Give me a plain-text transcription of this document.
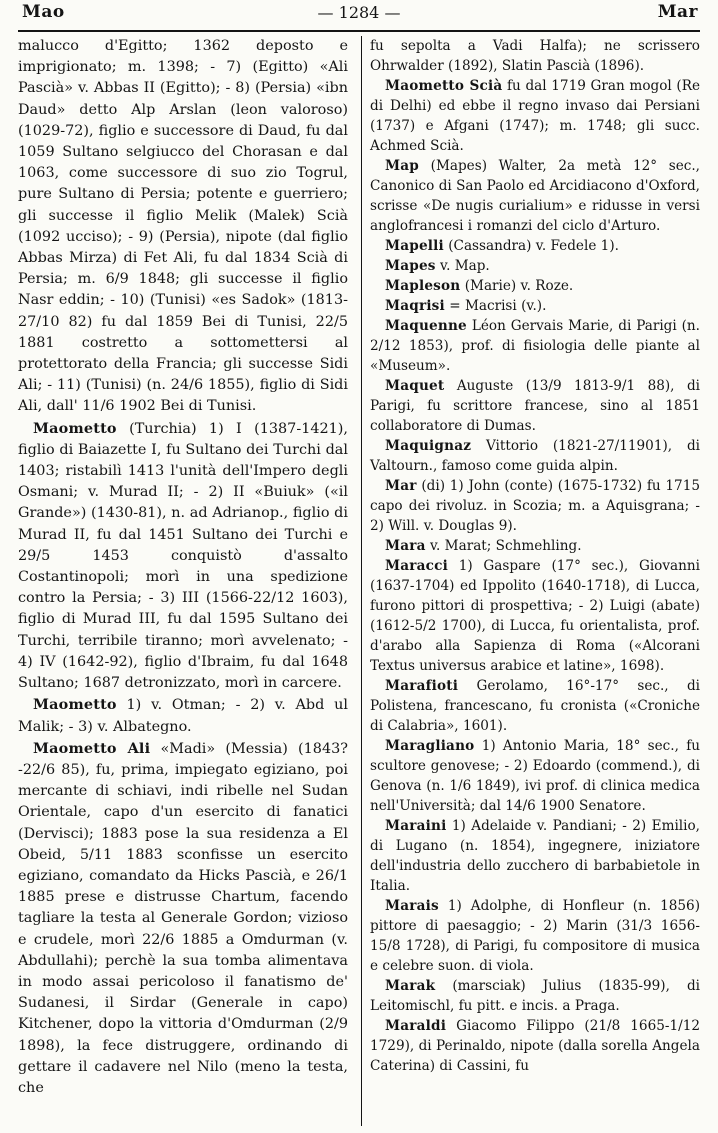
Mao	— 1284 —	Mar

malucco d'Egitto; 1362 deposto e imprigionato; m. 1398; - 7) (Egitto) «Ali Pascià» v. Abbas II (Egitto); - 8) (Persia) «ibn Daud» detto Alp Arslan (leon valoroso) (1029-72), figlio e successore di Daud, fu dal 1059 Sultano selgiucco del Chorasan e dal 1063, come successore di suo zio Togrul, pure Sultano di Persia; potente e guerriero; gli successe il figlio Melik (Malek) Scià (1092 ucciso); - 9) (Persia), nipote (dal figlio Abbas Mirza) di Fet Ali, fu dal 1834 Scià di Persia; m. 6/9 1848; gli successe il figlio Nasr eddin; - 10) (Tunisi) «es Sadok» (1813-27/10 82) fu dal 1859 Bei di Tunisi, 22/5 1881 costretto a sottomettersi al protettorato della Francia; gli successe Sidi Ali; - 11) (Tunisi) (n. 24/6 1855), figlio di Sidi Ali, dall' 11/6 1902 Bei di Tunisi.

Maometto (Turchia) 1) I (1387-1421), figlio di Baiazette I, fu Sultano dei Turchi dal 1403; ristabilì 1413 l'unità dell'Impero degli Osmani; v. Murad II; - 2) II «Buiuk» («il Grande») (1430-81), n. ad Adrianop., figlio di Murad II, fu dal 1451 Sultano dei Turchi e 29/5 1453 conquistò d'assalto Costantinopoli; morì in una spedizione contro la Persia; - 3) III (1566-22/12 1603), figlio di Murad III, fu dal 1595 Sultano dei Turchi, terribile tiranno; morì avvelenato; - 4) IV (1642-92), figlio d'Ibraim, fu dal 1648 Sultano; 1687 detronizzato, morì in carcere.

Maometto 1) v. Otman; - 2) v. Abd ul Malik; - 3) v. Albategno.

Maometto Ali «Madi» (Messia) (1843?-22/6 85), fu, prima, impiegato egiziano, poi mercante di schiavi, indi ribelle nel Sudan Orientale, capo d'un esercito di fanatici (Dervisci); 1883 pose la sua residenza a El Obeid, 5/11 1883 sconfisse un esercito egiziano, comandato da Hicks Pascià, e 26/1 1885 prese e distrusse Chartum, facendo tagliare la testa al Generale Gordon; vizioso e crudele, morì 22/6 1885 a Omdurman (v. Abdullahi); perchè la sua tomba alimentava in modo assai pericoloso il fanatismo de' Sudanesi, il Sirdar (Generale in capo) Kitchener, dopo la vittoria d'Omdurman (2/9 1898), la fece distruggere, ordinando di gettare il cadavere nel Nilo (meno la testa, che

fu sepolta a Vadi Halfa); ne scrissero Ohrwalder (1892), Slatin Pascià (1896).

Maometto Scià fu dal 1719 Gran mogol (Re di Delhi) ed ebbe il regno invaso dai Persiani (1737) e Afgani (1747); m. 1748; gli succ. Achmed Scià.

Map (Mapes) Walter, 2a metà 12° sec., Canonico di San Paolo ed Arcidiacono d'Oxford, scrisse «De nugis curialium» e ridusse in versi anglofrancesi i romanzi del ciclo d'Arturo.

Mapelli (Cassandra) v. Fedele 1).

Mapes v. Map.

Mapleson (Marie) v. Roze.

Maqrisi = Macrisi (v.).

Maquenne Léon Gervais Marie, di Parigi (n. 2/12 1853), prof. di fisiologia delle piante al «Museum».

Maquet Auguste (13/9 1813-9/1 88), di Parigi, fu scrittore francese, sino al 1851 collaboratore di Dumas.

Maquignaz Vittorio (1821-27/11901), di Valtourn., famoso come guida alpin.

Mar (di) 1) John (conte) (1675-1732) fu 1715 capo dei rivoluz. in Scozia; m. a Aquisgrana; - 2) Will. v. Douglas 9).

Mara v. Marat; Schmehling.

Maracci 1) Gaspare (17° sec.), Giovanni (1637-1704) ed Ippolito (1640-1718), di Lucca, furono pittori di prospettiva; - 2) Luigi (abate) (1612-5/2 1700), di Lucca, fu orientalista, prof. d'arabo alla Sapienza di Roma («Alcorani Textus universus arabice et latine», 1698).

Marafioti Gerolamo, 16°-17° sec., di Polistena, francescano, fu cronista («Croniche di Calabria», 1601).

Maragliano 1) Antonio Maria, 18° sec., fu scultore genovese; - 2) Edoardo (commend.), di Genova (n. 1/6 1849), ivi prof. di clinica medica nell'Università; dal 14/6 1900 Senatore.

Maraini 1) Adelaide v. Pandiani; - 2) Emilio, di Lugano (n. 1854), ingegnere, iniziatore dell'industria dello zucchero di barbabietole in Italia.

Marais 1) Adolphe, di Honfleur (n. 1856) pittore di paesaggio; - 2) Marin (31/3 1656-15/8 1728), di Parigi, fu compositore di musica e celebre suon. di viola.

Marak (marsciak) Julius (1835-99), di Leitomischl, fu pitt. e incis. a Praga.

Maraldi Giacomo Filippo (21/8 1665-1/12 1729), di Perinaldo, nipote (dalla sorella Angela Caterina) di Cassini, fu
